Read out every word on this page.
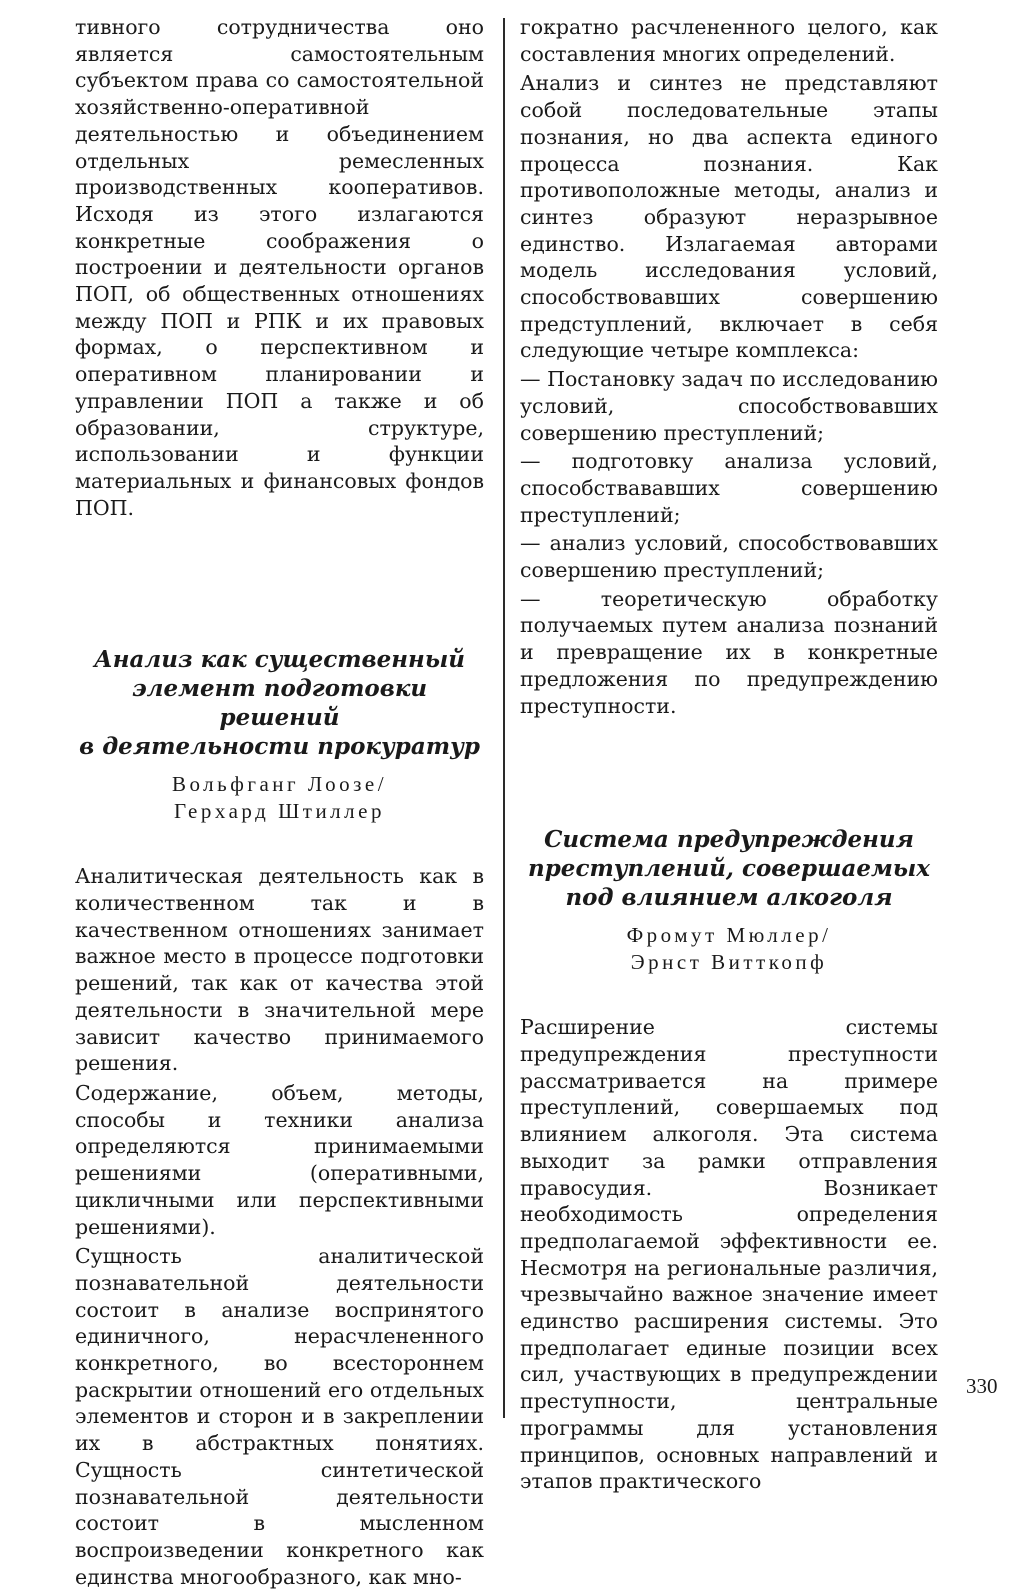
тивного сотрудничества оно является самостоятельным субъектом права со самостоятельной хозяйственно-оперативной деятельностью и объединением отдельных ремесленных производственных кооперативов. Исходя из этого излагаются конкретные соображения о построении и деятельности органов ПОП, об общественных отношениях между ПОП и РПК и их правовых формах, о перспективном и оперативном планировании и управлении ПОП а также и об образовании, структуре, использовании и функции материальных и финансовых фондов ПОП.

Анализ как существенный
элемент подготовки решений
в деятельности прокуратур
Вольфганг Лоозе/
Герхард Штиллер

Аналитическая деятельность как в количественном так и в качественном отношениях занимает важное место в процессе подготовки решений, так как от качества этой деятельности в значительной мере зависит качество принимаемого решения.

Содержание, объем, методы, способы и техники анализа определяются принимаемыми решениями (оперативными, цикличными или перспективными решениями).

Сущность аналитической познавательной деятельности состоит в анализе воспринятого единичного, нерасчлененного конкретного, во всестороннем раскрытии отношений его отдельных элементов и сторон и в закреплении их в абстрактных понятиях. Сущность синтетической познавательной деятельности состоит в мысленном воспроизведении конкретного как единства многообразного, как мно-

гократно расчлененного целого, как составления многих определений.

Анализ и синтез не представляют собой последовательные этапы познания, но два аспекта единого процесса познания. Как противоположные методы, анализ и синтез образуют неразрывное единство. Излагаемая авторами модель исследования условий, способствовавших совершению предступлений, включает в себя следующие четыре комплекса:

— Постановку задач по исследованию условий, способствовавших совершению преступлений;

— подготовку анализа условий, способствававших совершению преступлений;

— анализ условий, способствовавших совершению преступлений;

— теоретическую обработку получаемых путем анализа познаний и превращение их в конкретные предложения по предупреждению преступности.

Система предупреждения
преступлений, совершаемых
под влиянием алкоголя
Фромут Мюллер/
Эрнст Витткопф

Расширение системы предупреждения преступности рассматривается на примере преступлений, совершаемых под влиянием алкоголя. Эта система выходит за рамки отправления правосудия. Возникает необходимость определения предполагаемой эффективности ее. Несмотря на региональные различия, чрезвычайно важное значение имеет единство расширения системы. Это предполагает единые позиции всех сил, участвующих в предупреждении преступности, центральные программы для установления принципов, основных направлений и этапов практического

330
